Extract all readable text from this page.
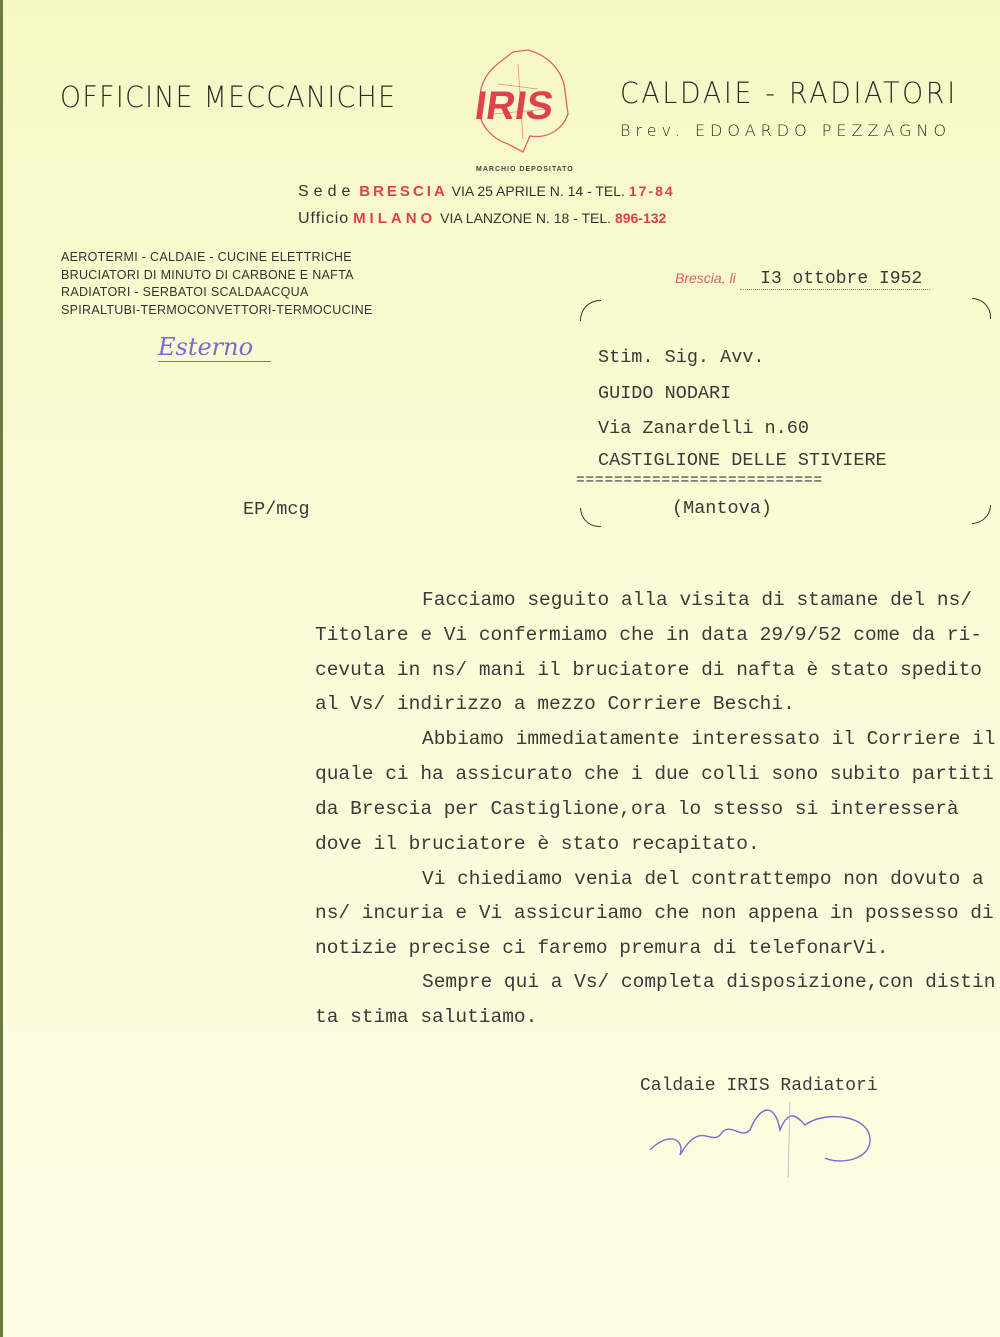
OFFICINE MECCANICHE	CALDAIE - RADIATORI
Brev. EDOARDO PEZZAGNO
IRIS
MARCHIO DEPOSITATO
Sede BRESCIA VIA 25 APRILE N. 14 - TEL. 17-84
Ufficio MILANO VIA LANZONE N. 18 - TEL. 896-132
AEROTERMI - CALDAIE - CUCINE ELETTRICHE
BRUCIATORI DI MINUTO DI CARBONE E NAFTA
RADIATORI - SERBATOI SCALDAACQUA
SPIRALTUBI-TERMOCONVETTORI-TERMOCUCINE
Brescia, li I3 ottobre I952
Esterno	Stim. Sig. Avv.
GUIDO NODARI
Via Zanardelli n.60
CASTIGLIONE DELLE STIVIERE
==========================
(Mantova)
EP/mcg
Facciamo seguito alla visita di stamane del ns/
Titolare e Vi confermiamo che in data 29/9/52 come da ri-
cevuta in ns/ mani il bruciatore di nafta è stato spedito
al Vs/ indirizzo a mezzo Corriere Beschi.
Abbiamo immediatamente interessato il Corriere il
quale ci ha assicurato che i due colli sono subito partiti
da Brescia per Castiglione,ora lo stesso si interesserà
dove il bruciatore è stato recapitato.
Vi chiediamo venia del contrattempo non dovuto a
ns/ incuria e Vi assicuriamo che non appena in possesso di
notizie precise ci faremo premura di telefonarVi.
Sempre qui a Vs/ completa disposizione,con distin
ta stima salutiamo.
Caldaie IRIS Radiatori
